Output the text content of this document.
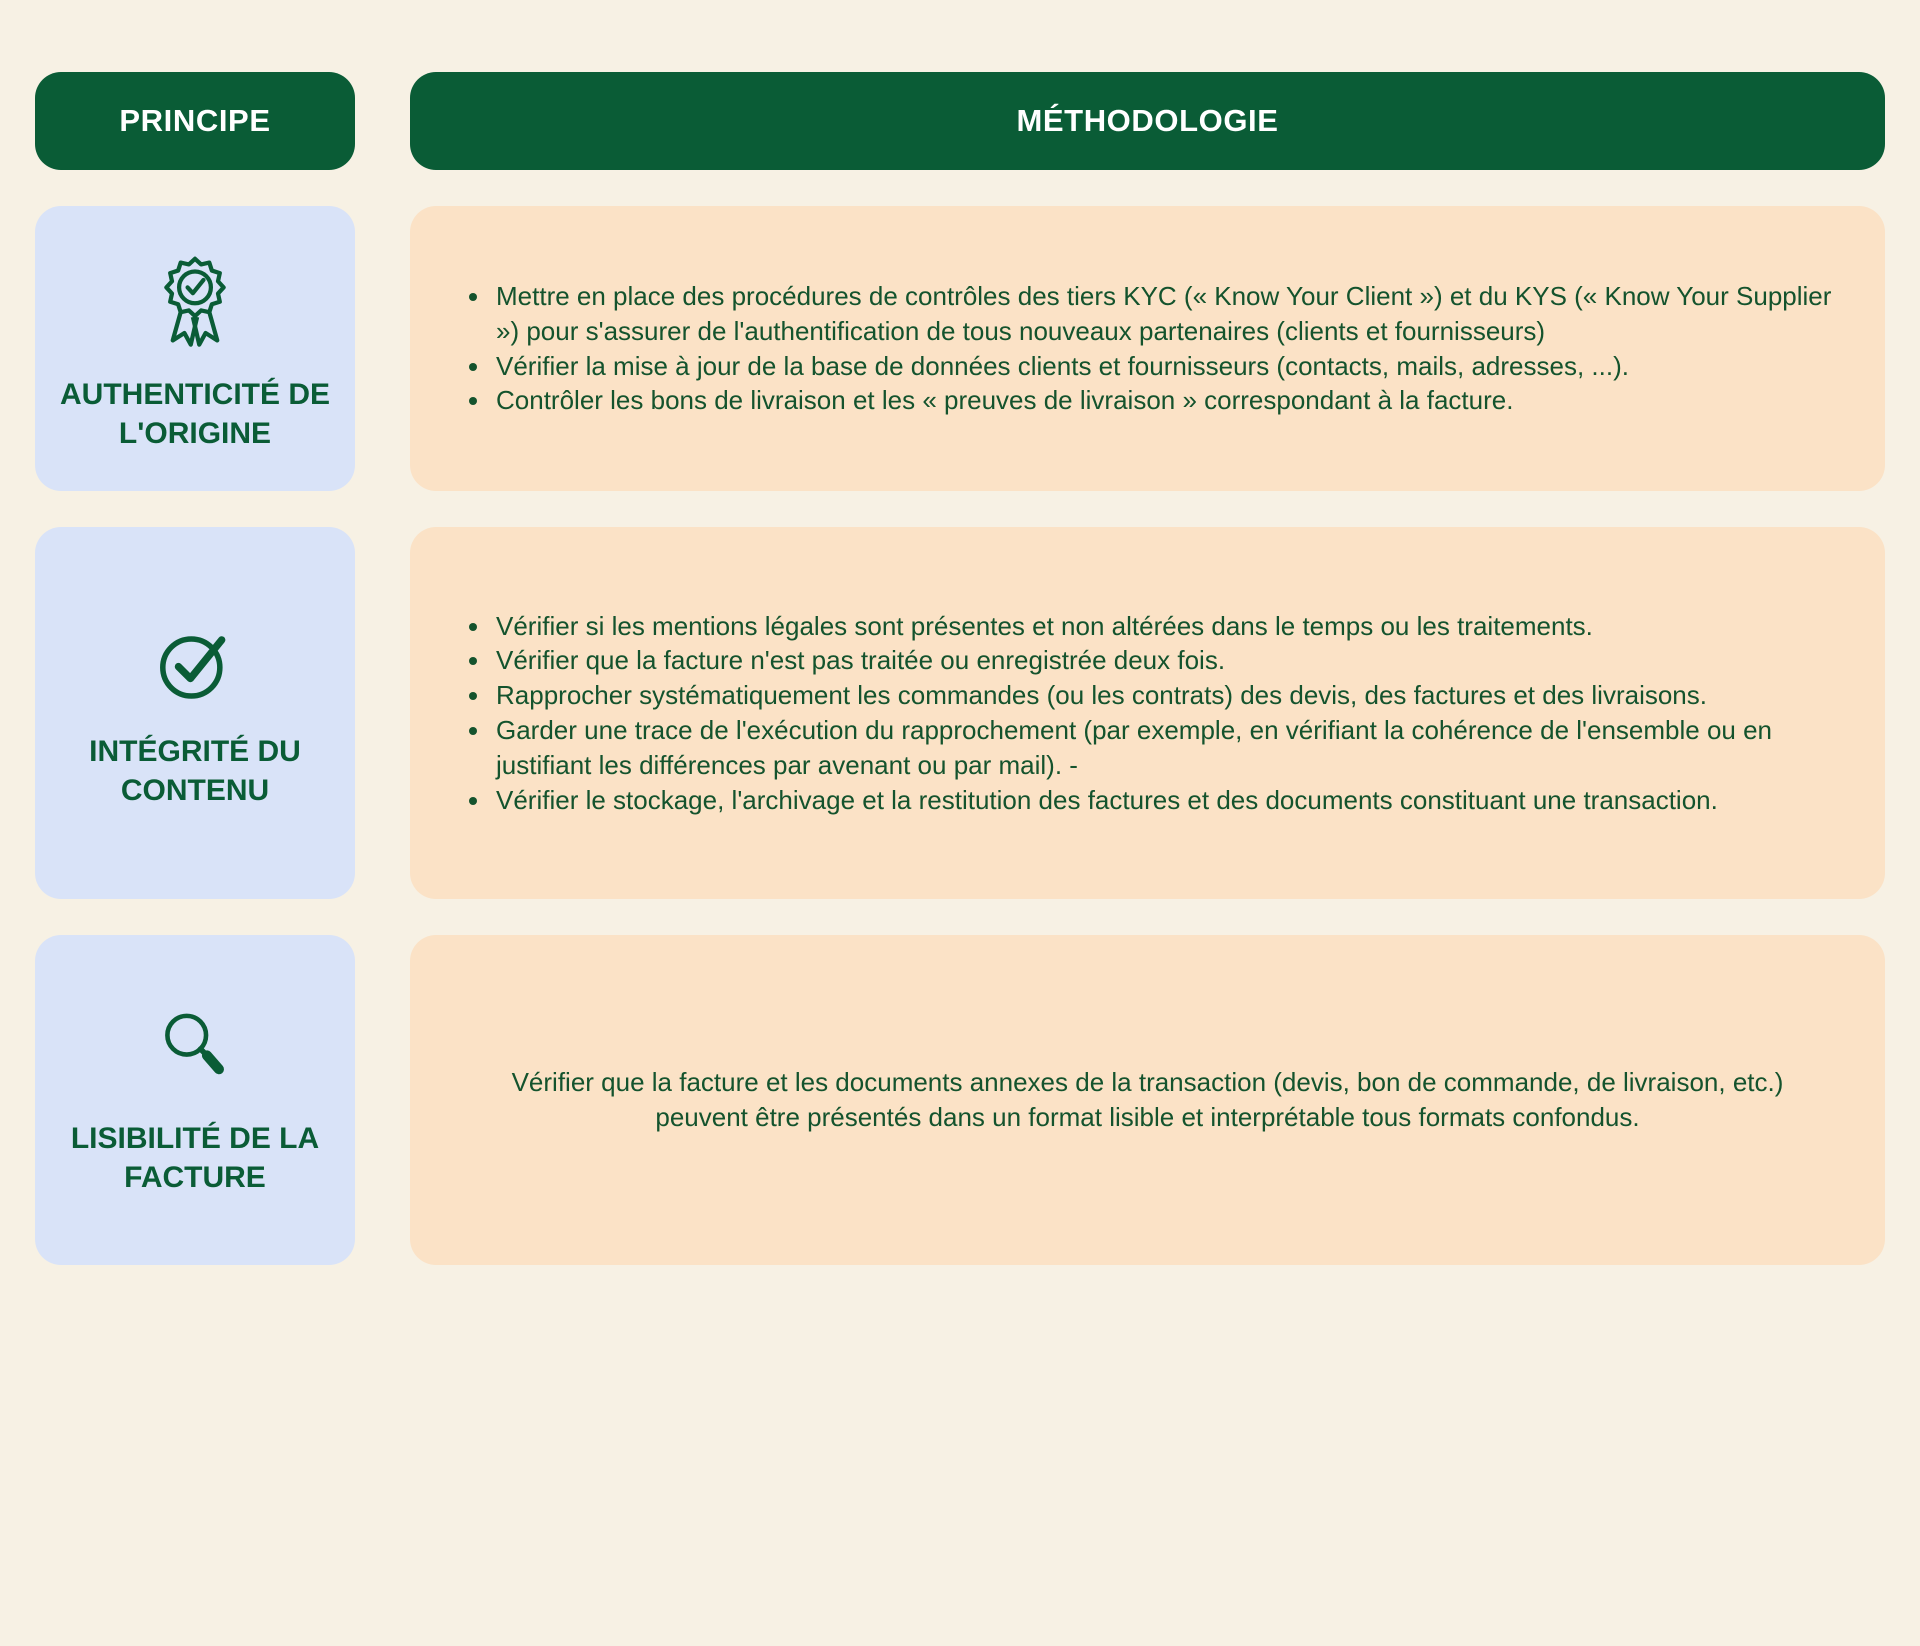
PRINCIPE	MÉTHODOLOGIE
AUTHENTICITÉ DE L'ORIGINE
• Mettre en place des procédures de contrôles des tiers KYC (« Know Your Client ») et du KYS (« Know Your Supplier ») pour s'assurer de l'authentification de tous nouveaux partenaires (clients et fournisseurs)
• Vérifier la mise à jour de la base de données clients et fournisseurs (contacts, mails, adresses, ...).
• Contrôler les bons de livraison et les « preuves de livraison » correspondant à la facture.
INTÉGRITÉ DU CONTENU
• Vérifier si les mentions légales sont présentes et non altérées dans le temps ou les traitements.
• Vérifier que la facture n'est pas traitée ou enregistrée deux fois.
• Rapprocher systématiquement les commandes (ou les contrats) des devis, des factures et des livraisons.
• Garder une trace de l'exécution du rapprochement (par exemple, en vérifiant la cohérence de l'ensemble ou en justifiant les différences par avenant ou par mail). -
• Vérifier le stockage, l'archivage et la restitution des factures et des documents constituant une transaction.
LISIBILITÉ DE LA FACTURE

Vérifier que la facture et les documents annexes de la transaction (devis, bon de commande, de livraison, etc.) peuvent être présentés dans un format lisible et interprétable tous formats confondus.
